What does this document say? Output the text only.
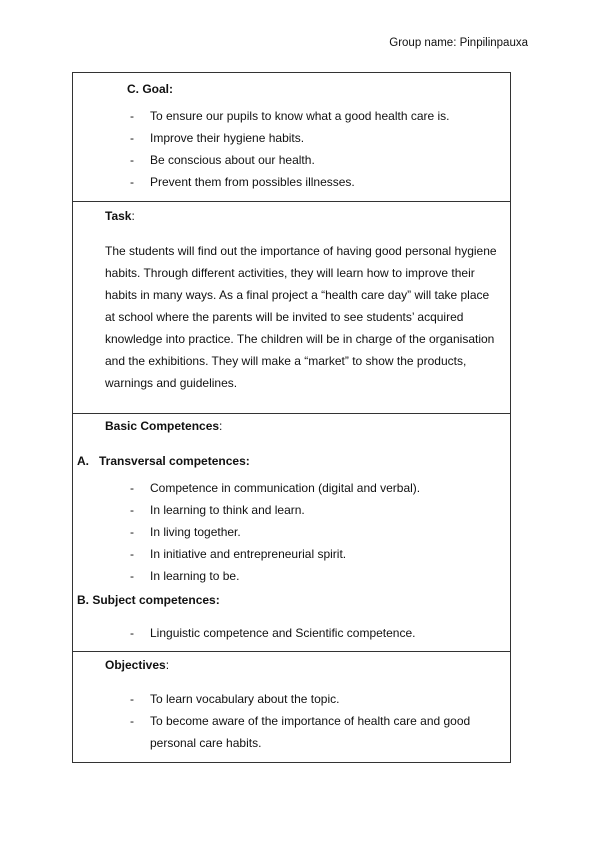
Group name: Pinpilinpauxa
C. Goal:
- To ensure our pupils to know what a good health care is.
- Improve their hygiene habits.
- Be conscious about our health.
- Prevent them from possibles illnesses.
Task:
The students will find out the importance of having good personal hygiene
habits. Through different activities, they will learn how to improve their
habits in many ways. As a final project a “health care day” will take place
at school where the parents will be invited to see students’ acquired
knowledge into practice. The children will be in charge of the organisation
and the exhibitions. They will make a “market” to show the products,
warnings and guidelines.
Basic Competences:
A.   Transversal competences:
- Competence in communication (digital and verbal).
- In learning to think and learn.
- In living together.
- In initiative and entrepreneurial spirit.
- In learning to be.
B. Subject competences:
- Linguistic competence and Scientific competence.
Objectives:
- To learn vocabulary about the topic.
- To become aware of the importance of health care and good
personal care habits.
